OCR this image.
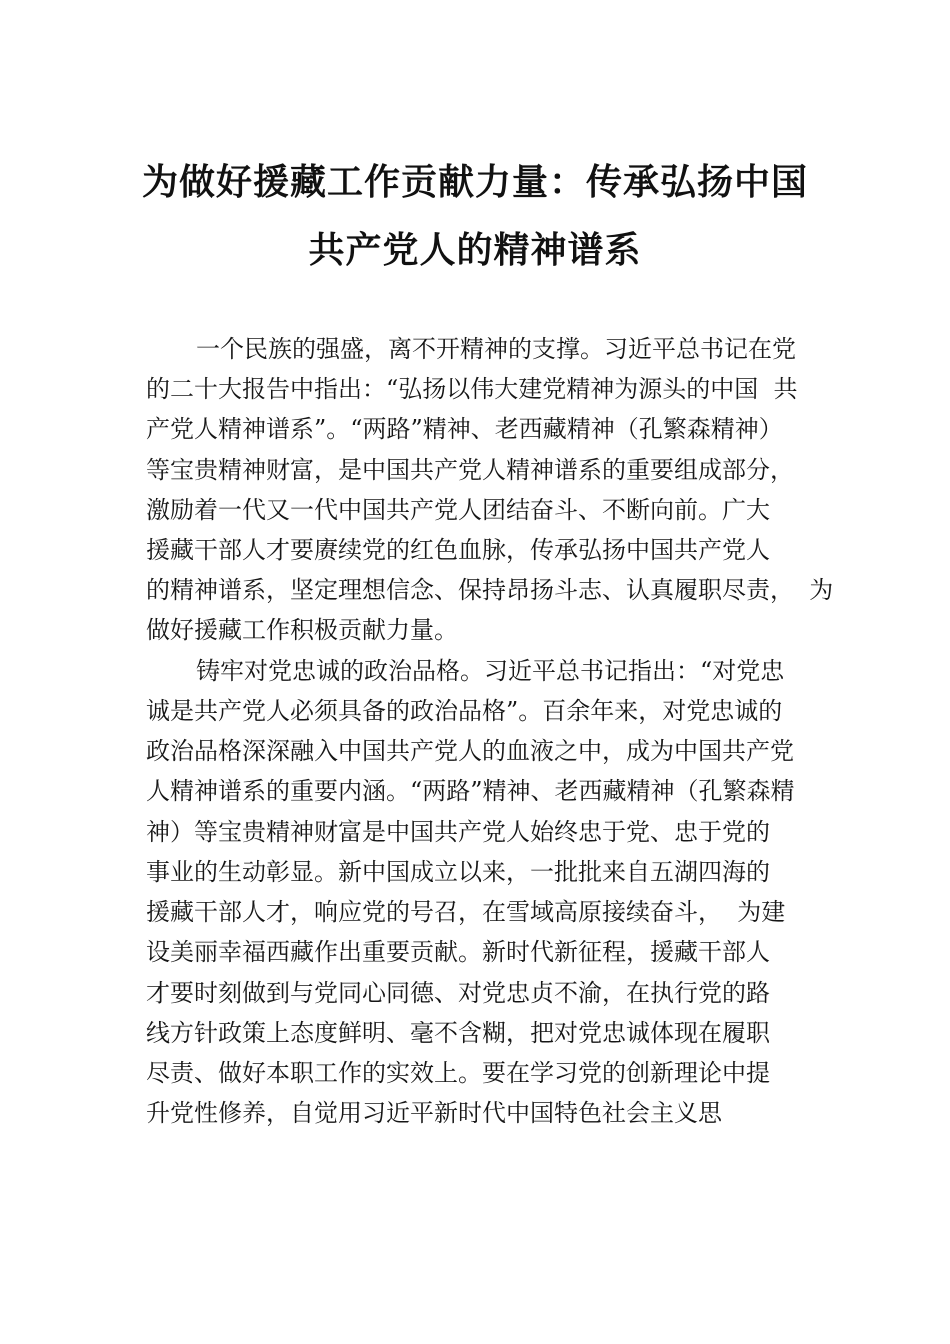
为做好援藏工作贡献力量：传承弘扬中国
共产党人的精神谱系
一个民族的强盛，离不开精神的支撑。习近平总书记在党
的二十大报告中指出：“弘扬以伟大建党精神为源头的中国  共
产党人精神谱系”。“两路”精神、老西藏精神（孔繁森精神）
等宝贵精神财富，是中国共产党人精神谱系的重要组成部分，
激励着一代又一代中国共产党人团结奋斗、不断向前。广大
援藏干部人才要赓续党的红色血脉，传承弘扬中国共产党人
的精神谱系，坚定理想信念、保持昂扬斗志、认真履职尽责，  为
做好援藏工作积极贡献力量。
铸牢对党忠诚的政治品格。习近平总书记指出：“对党忠
诚是共产党人必须具备的政治品格”。百余年来，对党忠诚的
政治品格深深融入中国共产党人的血液之中，成为中国共产党
人精神谱系的重要内涵。“两路”精神、老西藏精神（孔繁森精
神）等宝贵精神财富是中国共产党人始终忠于党、忠于党的
事业的生动彰显。新中国成立以来，一批批来自五湖四海的
援藏干部人才，响应党的号召，在雪域高原接续奋斗，  为建
设美丽幸福西藏作出重要贡献。新时代新征程，援藏干部人
才要时刻做到与党同心同德、对党忠贞不渝，在执行党的路
线方针政策上态度鲜明、毫不含糊，把对党忠诚体现在履职
尽责、做好本职工作的实效上。要在学习党的创新理论中提
升党性修养，自觉用习近平新时代中国特色社会主义思
